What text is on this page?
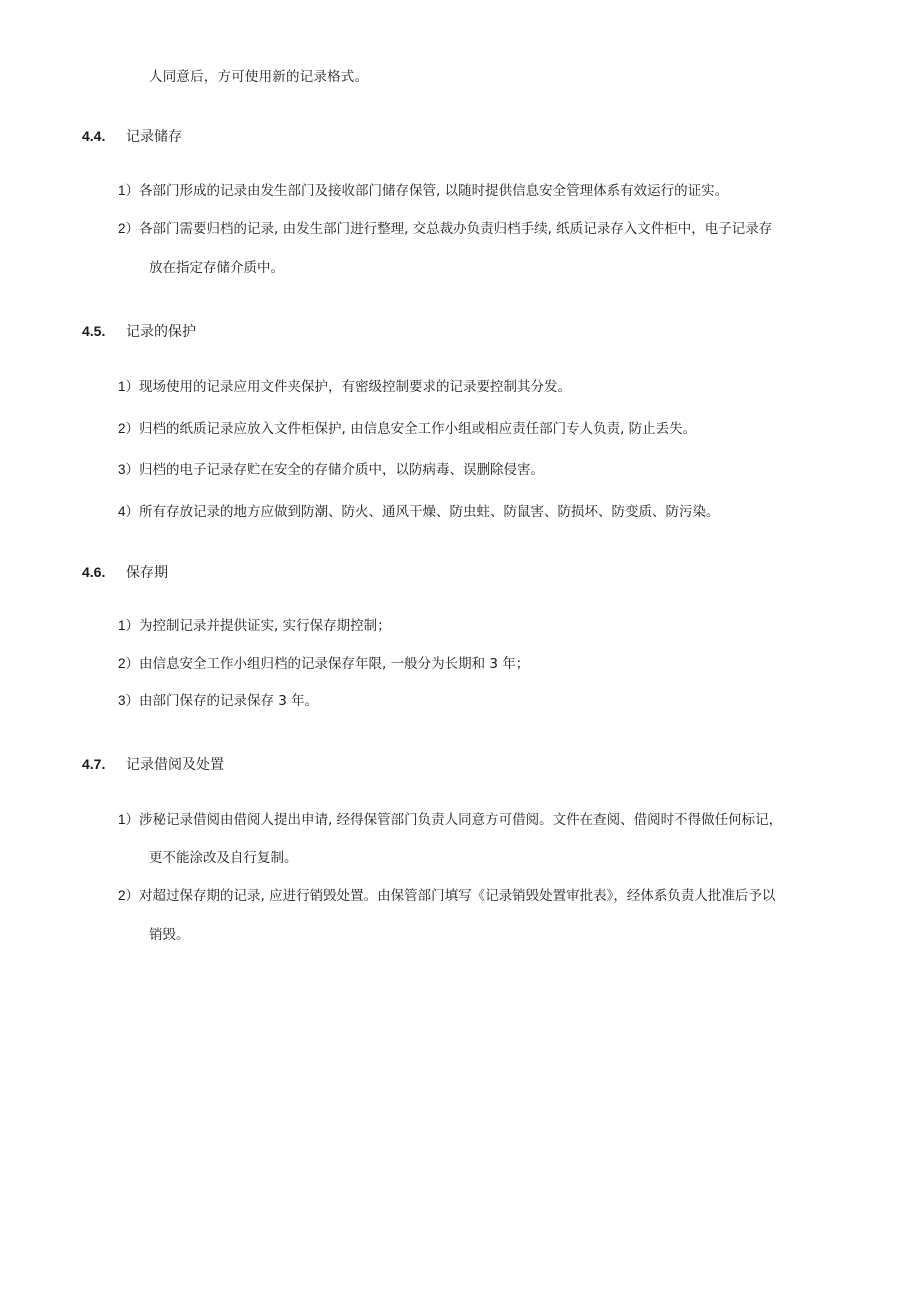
人同意后，方可使用新的记录格式。
4.4. 记录储存
1）各部门形成的记录由发生部门及接收部门储存保管, 以随时提供信息安全管理体系有效运行的证实。
2）各部门需要归档的记录, 由发生部门进行整理, 交总裁办负责归档手续, 纸质记录存入文件柜中，电子记录存
放在指定存储介质中。
4.5. 记录的保护
1）现场使用的记录应用文件夹保护，有密级控制要求的记录要控制其分发。
2）归档的纸质记录应放入文件柜保护, 由信息安全工作小组或相应责任部门专人负责, 防止丢失。
3）归档的电子记录存贮在安全的存储介质中，以防病毒、误删除侵害。
4）所有存放记录的地方应做到防潮、防火、通风干燥、防虫蛀、防鼠害、防损坏、防变质、防污染。
4.6. 保存期
1）为控制记录并提供证实, 实行保存期控制；
2）由信息安全工作小组归档的记录保存年限, 一般分为长期和 3 年；
3）由部门保存的记录保存 3 年。
4.7. 记录借阅及处置
1）涉秘记录借阅由借阅人提出申请, 经得保管部门负责人同意方可借阅。文件在查阅、借阅时不得做任何标记，
更不能涂改及自行复制。
2）对超过保存期的记录, 应进行销毁处置。由保管部门填写《记录销毁处置审批表》，经体系负责人批准后予以
销毁。
